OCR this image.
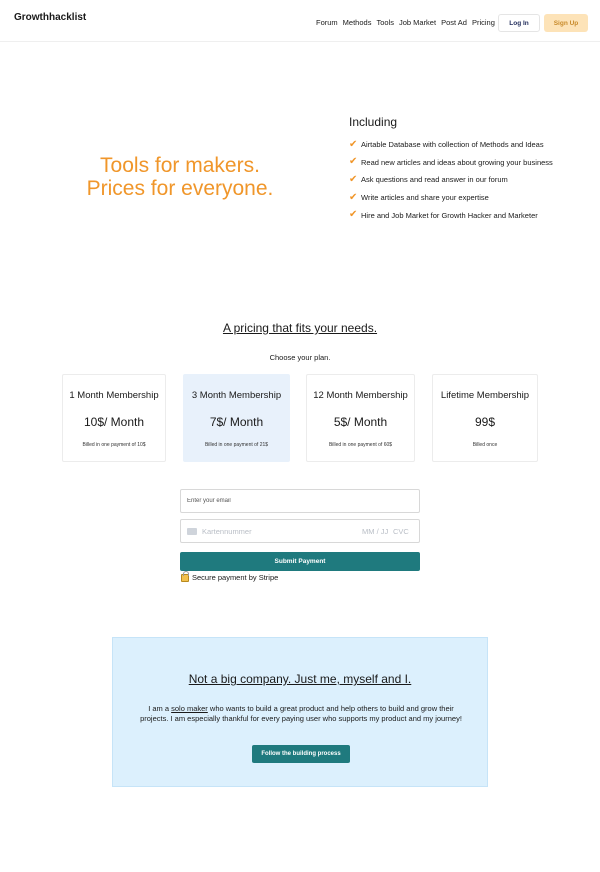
Growthhacklist	Forum Methods Tools Job Market Post Ad Pricing	Log In	Sign Up
Tools for makers.
Prices for everyone.
Including
✔ Airtable Database with collection of Methods and Ideas
✔ Read new articles and ideas about growing your business
✔ Ask questions and read answer in our forum
✔ Write articles and share your expertise
✔ Hire and Job Market for Growth Hacker and Marketer
A pricing that fits your needs.
Choose your plan.
1 Month Membership
10$/ Month
Billed in one payment of 10$
3 Month Membership
7$/ Month
Billed in one payment of 21$
12 Month Membership
5$/ Month
Billed in one payment of 60$
Lifetime Membership
99$
Billed once
Enter your email
Kartennummer	MM / JJ CVC
Submit Payment
Secure payment by Stripe
Not a big company. Just me, myself and I.
I am a solo maker who wants to build a great product and help others to build and grow their projects. I am especially thankful for every paying user who supports my product and my journey!
Follow the building process
